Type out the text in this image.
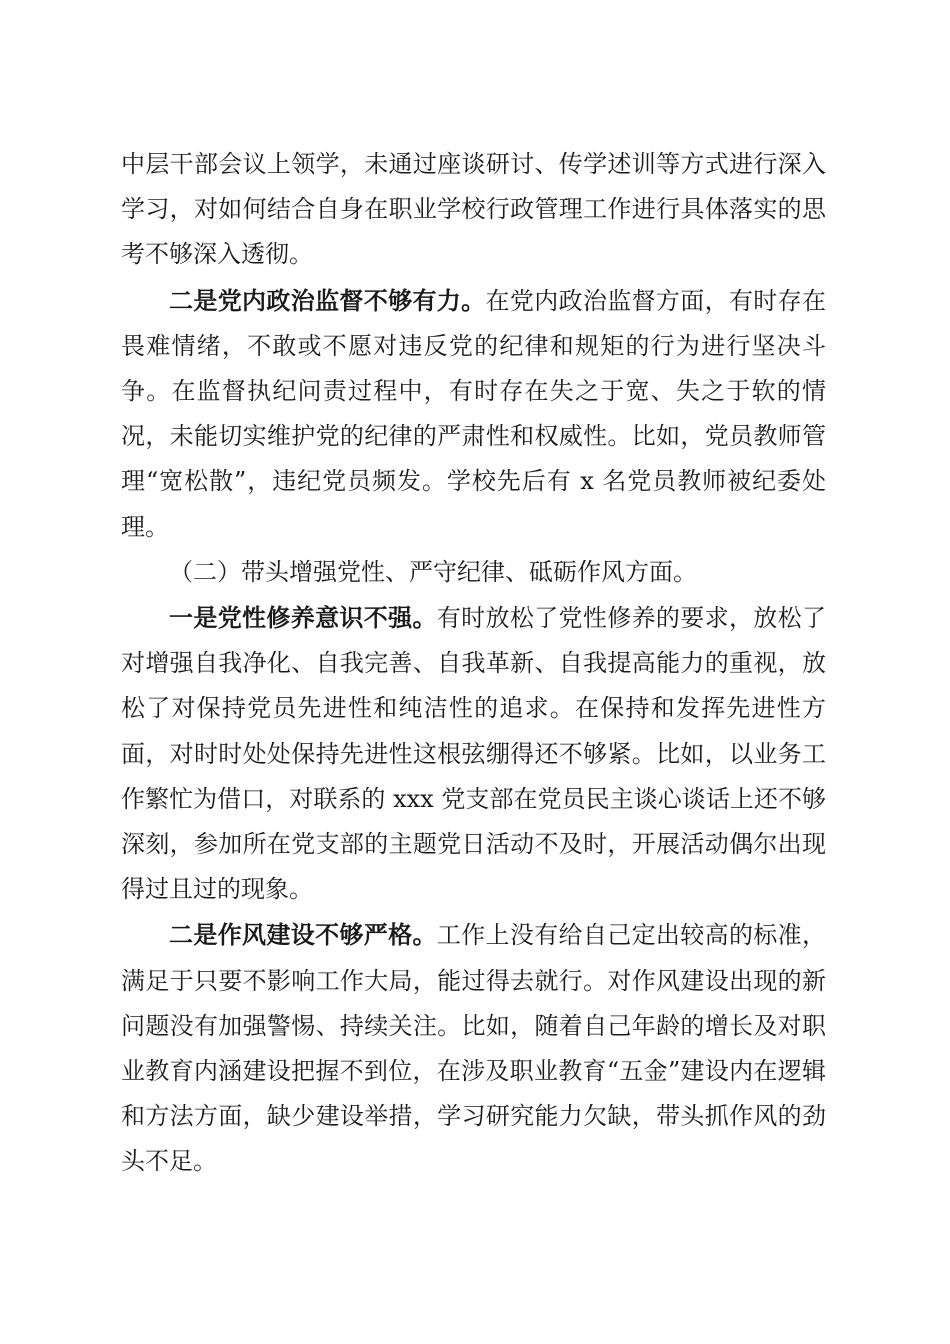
中层干部会议上领学，未通过座谈研讨、传学述训等方式进行深入学习，对如何结合自身在职业学校行政管理工作进行具体落实的思考不够深入透彻。

二是党内政治监督不够有力。在党内政治监督方面，有时存在畏难情绪，不敢或不愿对违反党的纪律和规矩的行为进行坚决斗争。在监督执纪问责过程中，有时存在失之于宽、失之于软的情况，未能切实维护党的纪律的严肃性和权威性。比如，党员教师管理“宽松散”，违纪党员频发。学校先后有 x 名党员教师被纪委处理。

（二）带头增强党性、严守纪律、砥砺作风方面。

一是党性修养意识不强。有时放松了党性修养的要求，放松了对增强自我净化、自我完善、自我革新、自我提高能力的重视，放松了对保持党员先进性和纯洁性的追求。在保持和发挥先进性方面，对时时处处保持先进性这根弦绷得还不够紧。比如，以业务工作繁忙为借口，对联系的 xxx 党支部在党员民主谈心谈话上还不够深刻，参加所在党支部的主题党日活动不及时，开展活动偶尔出现得过且过的现象。

二是作风建设不够严格。工作上没有给自己定出较高的标准，满足于只要不影响工作大局，能过得去就行。对作风建设出现的新问题没有加强警惕、持续关注。比如，随着自己年龄的增长及对职业教育内涵建设把握不到位，在涉及职业教育“五金”建设内在逻辑和方法方面，缺少建设举措，学习研究能力欠缺，带头抓作风的劲头不足。
